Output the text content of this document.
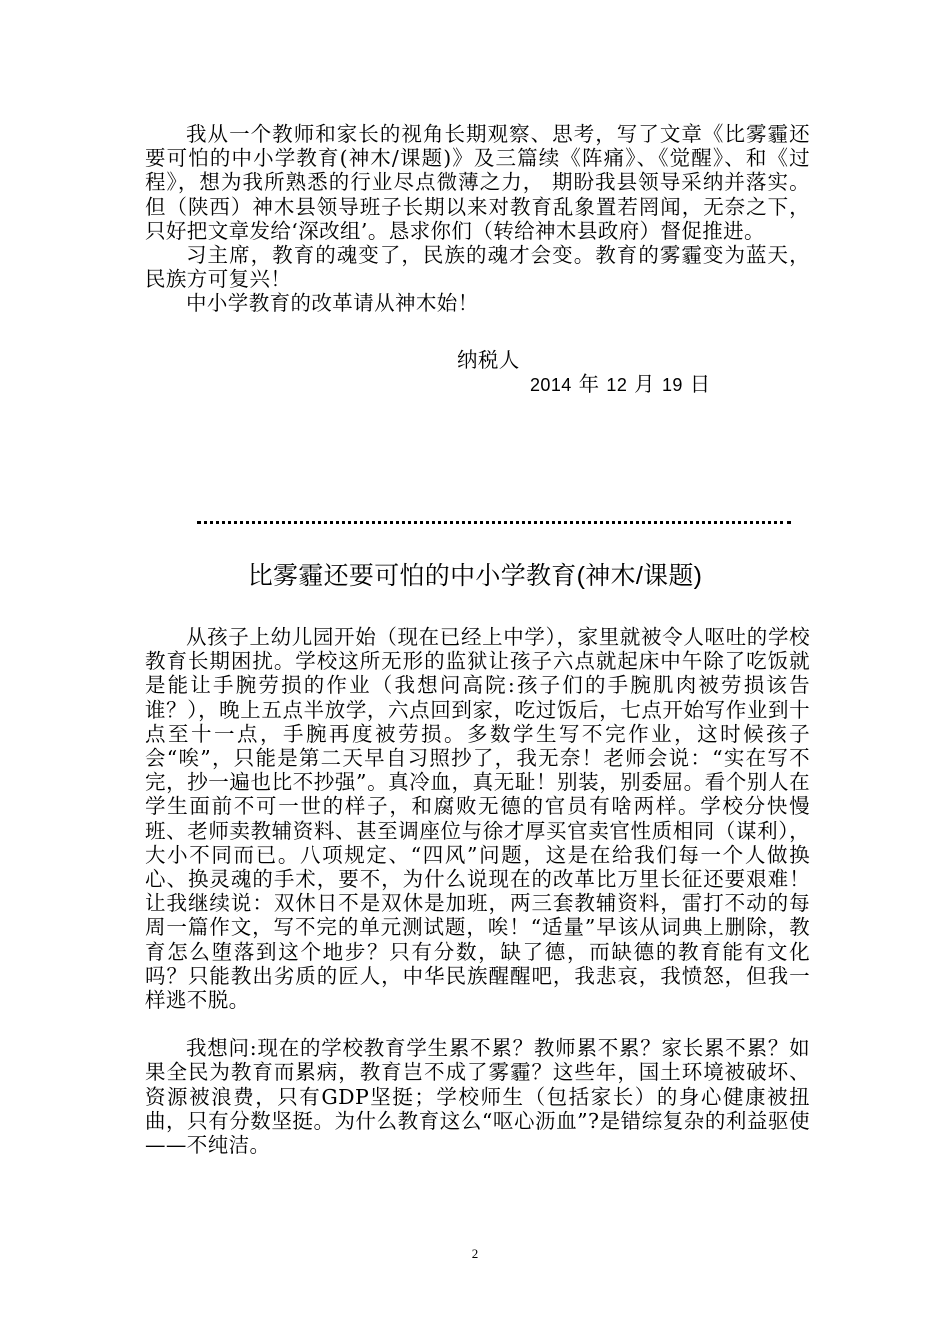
我从一个教师和家长的视角长期观察、思考，写了文章《比雾霾还要可怕的中小学教育(神木/课题)》及三篇续《阵痛》、《觉醒》、和《过程》，想为我所熟悉的行业尽点微薄之力， 期盼我县领导采纳并落实。但（陕西）神木县领导班子长期以来对教育乱象置若罔闻，无奈之下，只好把文章发给‘深改组’。恳求你们（转给神木县政府）督促推进。

习主席，教育的魂变了，民族的魂才会变。教育的雾霾变为蓝天，民族方可复兴！

中小学教育的改革请从神木始！

纳税人
2014 年 12 月 19 日
比雾霾还要可怕的中小学教育(神木/课题)

从孩子上幼儿园开始（现在已经上中学），家里就被令人呕吐的学校教育长期困扰。学校这所无形的监狱让孩子六点就起床中午除了吃饭就是能让手腕劳损的作业（我想问高院:孩子们的手腕肌肉被劳损该告谁？），晚上五点半放学，六点回到家，吃过饭后，七点开始写作业到十点至十一点，手腕再度被劳损。多数学生写不完作业，这时候孩子会“唉”，只能是第二天早自习照抄了，我无奈！老师会说：“实在写不完，抄一遍也比不抄强”。真冷血，真无耻！别装，别委屈。看个别人在学生面前不可一世的样子，和腐败无德的官员有啥两样。学校分快慢班、老师卖教辅资料、甚至调座位与徐才厚买官卖官性质相同（谋利），大小不同而已。八项规定、“四风”问题，这是在给我们每一个人做换心、换灵魂的手术，要不，为什么说现在的改革比万里长征还要艰难！让我继续说：双休日不是双休是加班，两三套教辅资料，雷打不动的每周一篇作文，写不完的单元测试题，唉！“适量”早该从词典上删除，教育怎么堕落到这个地步？只有分数，缺了德，而缺德的教育能有文化吗？只能教出劣质的匠人，中华民族醒醒吧，我悲哀，我愤怒，但我一样逃不脱。

我想问:现在的学校教育学生累不累？教师累不累？家长累不累？如果全民为教育而累病，教育岂不成了雾霾？这些年，国土环境被破坏、资源被浪费，只有GDP坚挺；学校师生（包括家长）的身心健康被扭曲，只有分数坚挺。为什么教育这么“呕心沥血”?是错综复杂的利益驱使——不纯洁。

2
